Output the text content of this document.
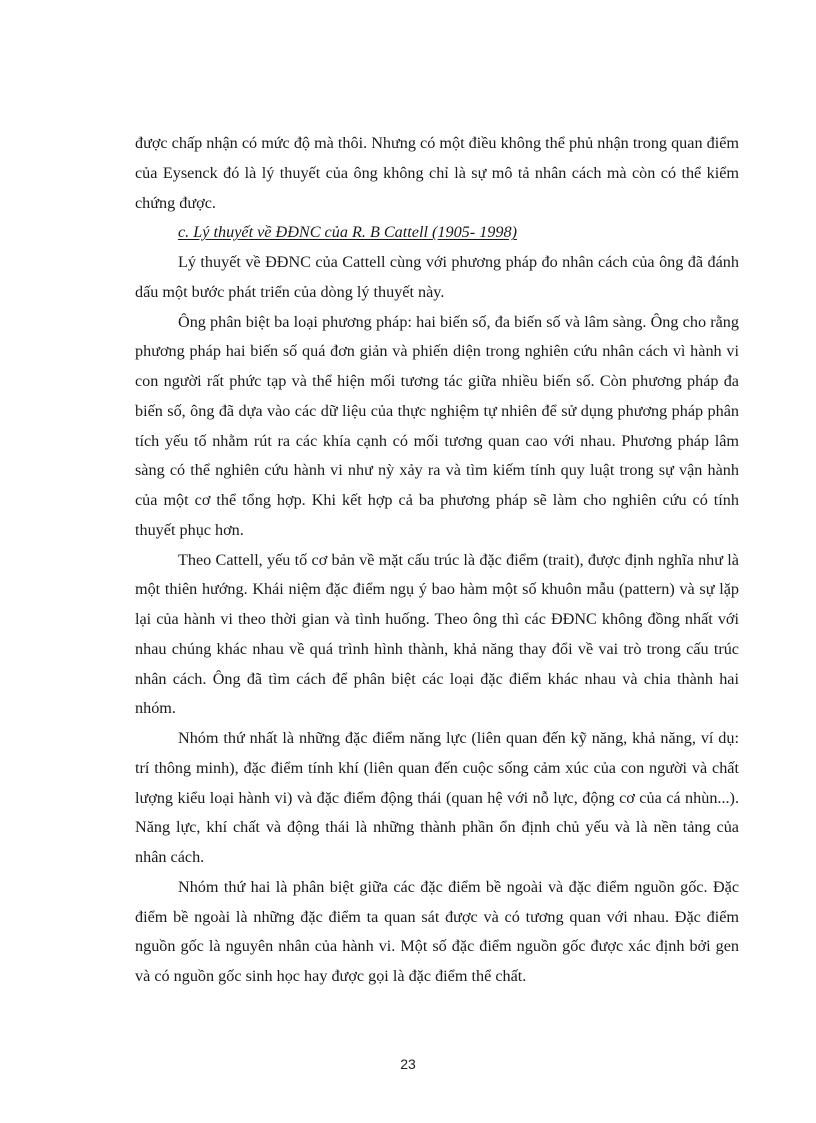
được chấp nhận có mức độ mà thôi. Nhưng có một điều không thể phủ nhận trong quan điểm của Eysenck đó là lý thuyết của ông không chỉ là sự mô tả nhân cách mà còn có thể kiểm chứng được.

c. Lý thuyết về ĐĐNC của R. B Cattell (1905- 1998)

Lý thuyết về ĐĐNC của Cattell cùng với phương pháp đo nhân cách của ông đã đánh dấu một bước phát triển của dòng lý thuyết này.

Ông phân biệt ba loại phương pháp: hai biến số, đa biến số và lâm sàng. Ông cho rằng phương pháp hai biến số quá đơn giản và phiến diện trong nghiên cứu nhân cách vì hành vi con người rất phức tạp và thể hiện mối tương tác giữa nhiều biến số. Còn phương pháp đa biến số, ông đã dựa vào các dữ liệu của thực nghiệm tự nhiên để sử dụng phương pháp phân tích yếu tố nhằm rút ra các khía cạnh có mối tương quan cao với nhau. Phương pháp lâm sàng có thể nghiên cứu hành vi như nỳ xảy ra và tìm kiếm tính quy luật trong sự vận hành của một cơ thể tổng hợp. Khi kết hợp cả ba phương pháp sẽ làm cho nghiên cứu có tính thuyết phục hơn.

Theo Cattell, yếu tố cơ bản về mặt cấu trúc là đặc điểm (trait), được định nghĩa như là một thiên hướng. Khái niệm đặc điểm ngụ ý bao hàm một số khuôn mẫu (pattern) và sự lặp lại của hành vi theo thời gian và tình huống. Theo ông thì các ĐĐNC không đồng nhất với nhau chúng khác nhau về quá trình hình thành, khả năng thay đổi về vai trò trong cấu trúc nhân cách. Ông đã tìm cách để phân biệt các loại đặc điểm khác nhau và chia thành hai nhóm.

Nhóm thứ nhất là những đặc điểm năng lực (liên quan đến kỹ năng, khả năng, ví dụ: trí thông minh), đặc điểm tính khí (liên quan đến cuộc sống cảm xúc của con người và chất lượng kiểu loại hành vi) và đặc điểm động thái (quan hệ với nỗ lực, động cơ của cá nhùn...). Năng lực, khí chất và động thái là những thành phần ổn định chủ yếu và là nền tảng của nhân cách.

Nhóm thứ hai là phân biệt giữa các đặc điểm bề ngoài và đặc điểm nguồn gốc. Đặc điểm bề ngoài là những đặc điểm ta quan sát được và có tương quan với nhau. Đặc điểm nguồn gốc là nguyên nhân của hành vi. Một số đặc điểm nguồn gốc được xác định bởi gen và có nguồn gốc sinh học hay được gọi là đặc điểm thể chất.

23
